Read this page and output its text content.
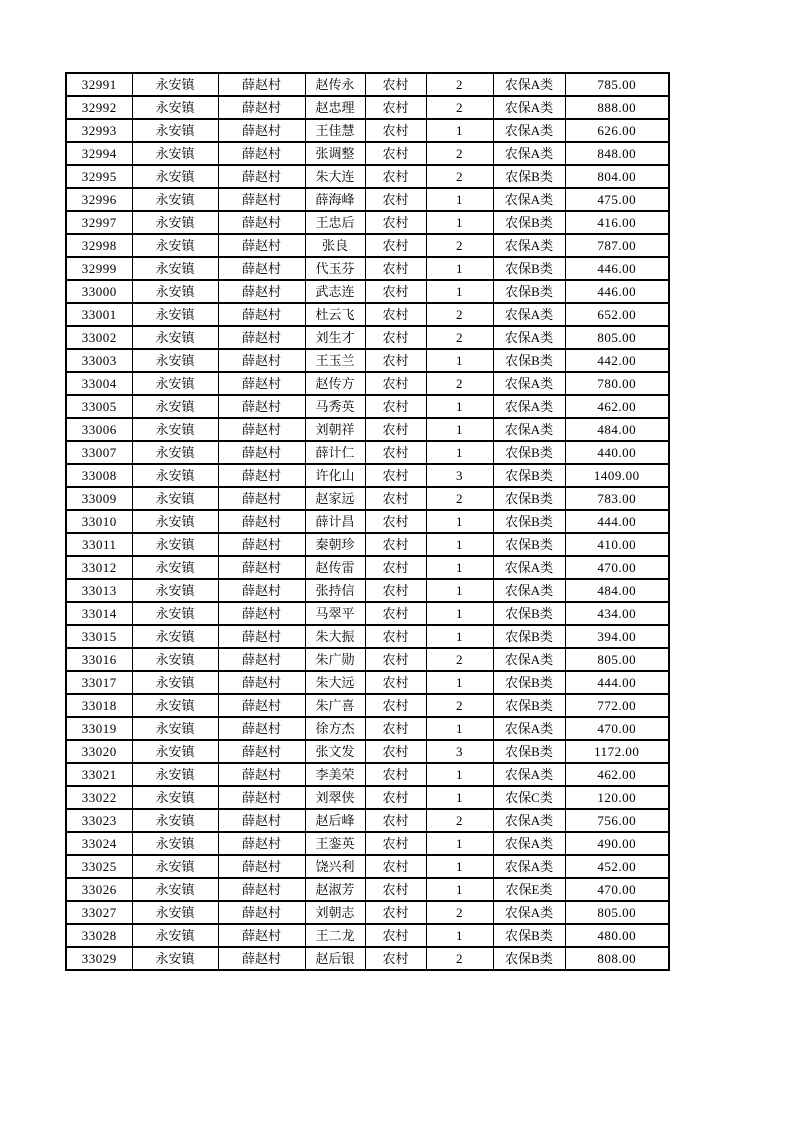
32991	永安镇	薛赵村	赵传永	农村	2	农保A类	785.00
32992	永安镇	薛赵村	赵忠理	农村	2	农保A类	888.00
32993	永安镇	薛赵村	王佳慧	农村	1	农保A类	626.00
32994	永安镇	薛赵村	张调整	农村	2	农保A类	848.00
32995	永安镇	薛赵村	朱大连	农村	2	农保B类	804.00
32996	永安镇	薛赵村	薛海峰	农村	1	农保A类	475.00
32997	永安镇	薛赵村	王忠后	农村	1	农保B类	416.00
32998	永安镇	薛赵村	张良	农村	2	农保A类	787.00
32999	永安镇	薛赵村	代玉芬	农村	1	农保B类	446.00
33000	永安镇	薛赵村	武志连	农村	1	农保B类	446.00
33001	永安镇	薛赵村	杜云飞	农村	2	农保A类	652.00
33002	永安镇	薛赵村	刘生才	农村	2	农保A类	805.00
33003	永安镇	薛赵村	王玉兰	农村	1	农保B类	442.00
33004	永安镇	薛赵村	赵传方	农村	2	农保A类	780.00
33005	永安镇	薛赵村	马秀英	农村	1	农保A类	462.00
33006	永安镇	薛赵村	刘朝祥	农村	1	农保A类	484.00
33007	永安镇	薛赵村	薛计仁	农村	1	农保B类	440.00
33008	永安镇	薛赵村	许化山	农村	3	农保B类	1409.00
33009	永安镇	薛赵村	赵家远	农村	2	农保B类	783.00
33010	永安镇	薛赵村	薛计昌	农村	1	农保B类	444.00
33011	永安镇	薛赵村	秦朝珍	农村	1	农保B类	410.00
33012	永安镇	薛赵村	赵传雷	农村	1	农保A类	470.00
33013	永安镇	薛赵村	张持信	农村	1	农保A类	484.00
33014	永安镇	薛赵村	马翠平	农村	1	农保B类	434.00
33015	永安镇	薛赵村	朱大振	农村	1	农保B类	394.00
33016	永安镇	薛赵村	朱广勋	农村	2	农保A类	805.00
33017	永安镇	薛赵村	朱大远	农村	1	农保B类	444.00
33018	永安镇	薛赵村	朱广喜	农村	2	农保B类	772.00
33019	永安镇	薛赵村	徐方杰	农村	1	农保A类	470.00
33020	永安镇	薛赵村	张文发	农村	3	农保B类	1172.00
33021	永安镇	薛赵村	李美荣	农村	1	农保A类	462.00
33022	永安镇	薛赵村	刘翠侠	农村	1	农保C类	120.00
33023	永安镇	薛赵村	赵后峰	农村	2	农保A类	756.00
33024	永安镇	薛赵村	王銮英	农村	1	农保A类	490.00
33025	永安镇	薛赵村	饶兴利	农村	1	农保A类	452.00
33026	永安镇	薛赵村	赵淑芳	农村	1	农保E类	470.00
33027	永安镇	薛赵村	刘朝志	农村	2	农保A类	805.00
33028	永安镇	薛赵村	王二龙	农村	1	农保B类	480.00
33029	永安镇	薛赵村	赵后银	农村	2	农保B类	808.00
